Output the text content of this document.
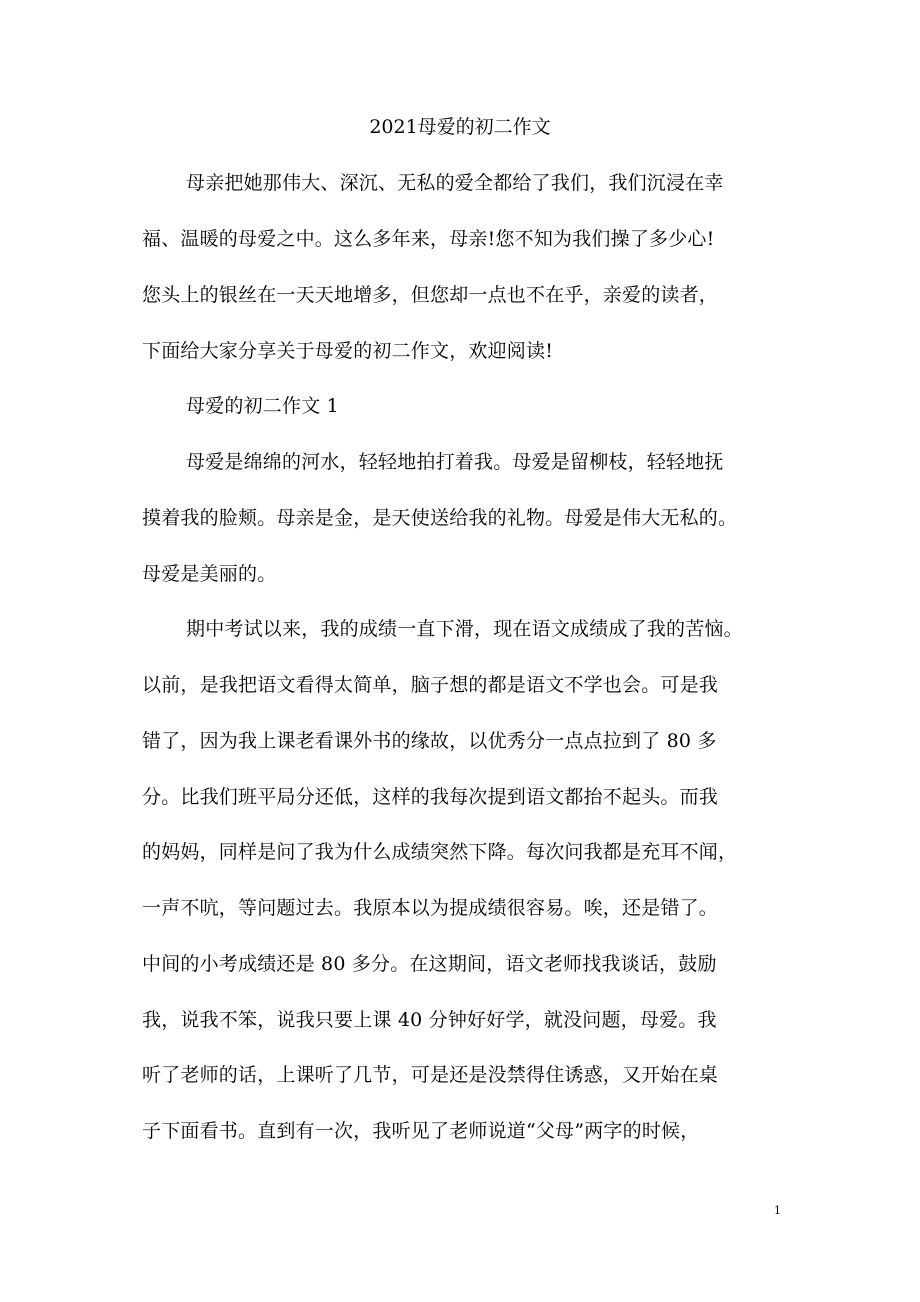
2021母爱的初二作文
母亲把她那伟大、深沉、无私的爱全都给了我们，我们沉浸在幸
福、温暖的母爱之中。这么多年来，母亲!您不知为我们操了多少心!
您头上的银丝在一天天地增多，但您却一点也不在乎，亲爱的读者，
下面给大家分享关于母爱的初二作文，欢迎阅读!
母爱的初二作文 1
母爱是绵绵的河水，轻轻地拍打着我。母爱是留柳枝，轻轻地抚
摸着我的脸颊。母亲是金，是天使送给我的礼物。母爱是伟大无私的。
母爱是美丽的。
期中考试以来，我的成绩一直下滑，现在语文成绩成了我的苦恼。
以前，是我把语文看得太简单，脑子想的都是语文不学也会。可是我
错了，因为我上课老看课外书的缘故，以优秀分一点点拉到了 80 多
分。比我们班平局分还低，这样的我每次提到语文都抬不起头。而我
的妈妈，同样是问了我为什么成绩突然下降。每次问我都是充耳不闻，
一声不吭，等问题过去。我原本以为提成绩很容易。唉，还是错了。
中间的小考成绩还是 80 多分。在这期间，语文老师找我谈话，鼓励
我，说我不笨，说我只要上课 40 分钟好好学，就没问题，母爱。我
听了老师的话，上课听了几节，可是还是没禁得住诱惑，又开始在桌
子下面看书。直到有一次，我听见了老师说道“父母”两字的时候，
1
